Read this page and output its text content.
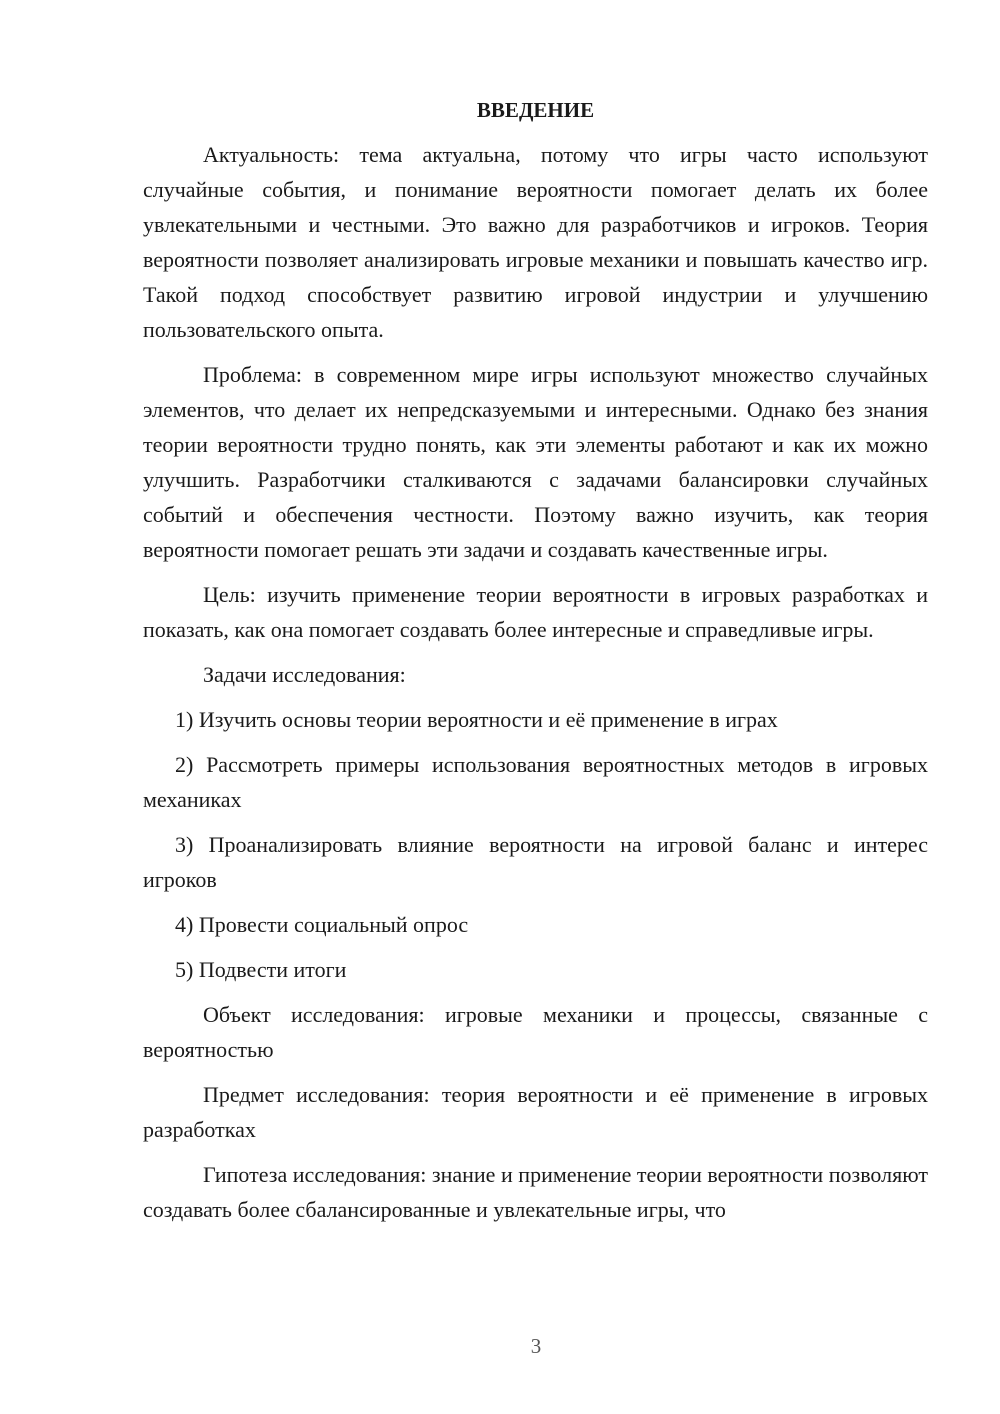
ВВЕДЕНИЕ

Актуальность: тема актуальна, потому что игры часто используют случайные события, и понимание вероятности помогает делать их более увлекательными и честными. Это важно для разработчиков и игроков. Теория вероятности позволяет анализировать игровые механики и повышать качество игр. Такой подход способствует развитию игровой индустрии и улучшению пользовательского опыта.

Проблема: в современном мире игры используют множество случайных элементов, что делает их непредсказуемыми и интересными. Однако без знания теории вероятности трудно понять, как эти элементы работают и как их можно улучшить. Разработчики сталкиваются с задачами балансировки случайных событий и обеспечения честности. Поэтому важно изучить, как теория вероятности помогает решать эти задачи и создавать качественные игры.

Цель: изучить применение теории вероятности в игровых разработках и показать, как она помогает создавать более интересные и справедливые игры.

Задачи исследования:

1) Изучить основы теории вероятности и её применение в играх

2) Рассмотреть примеры использования вероятностных методов в игровых механиках

3) Проанализировать влияние вероятности на игровой баланс и интерес игроков

4) Провести социальный опрос

5) Подвести итоги

Объект исследования: игровые механики и процессы, связанные с вероятностью

Предмет исследования: теория вероятности и её применение в игровых разработках

Гипотеза исследования: знание и применение теории вероятности позволяют создавать более сбалансированные и увлекательные игры, что

3
